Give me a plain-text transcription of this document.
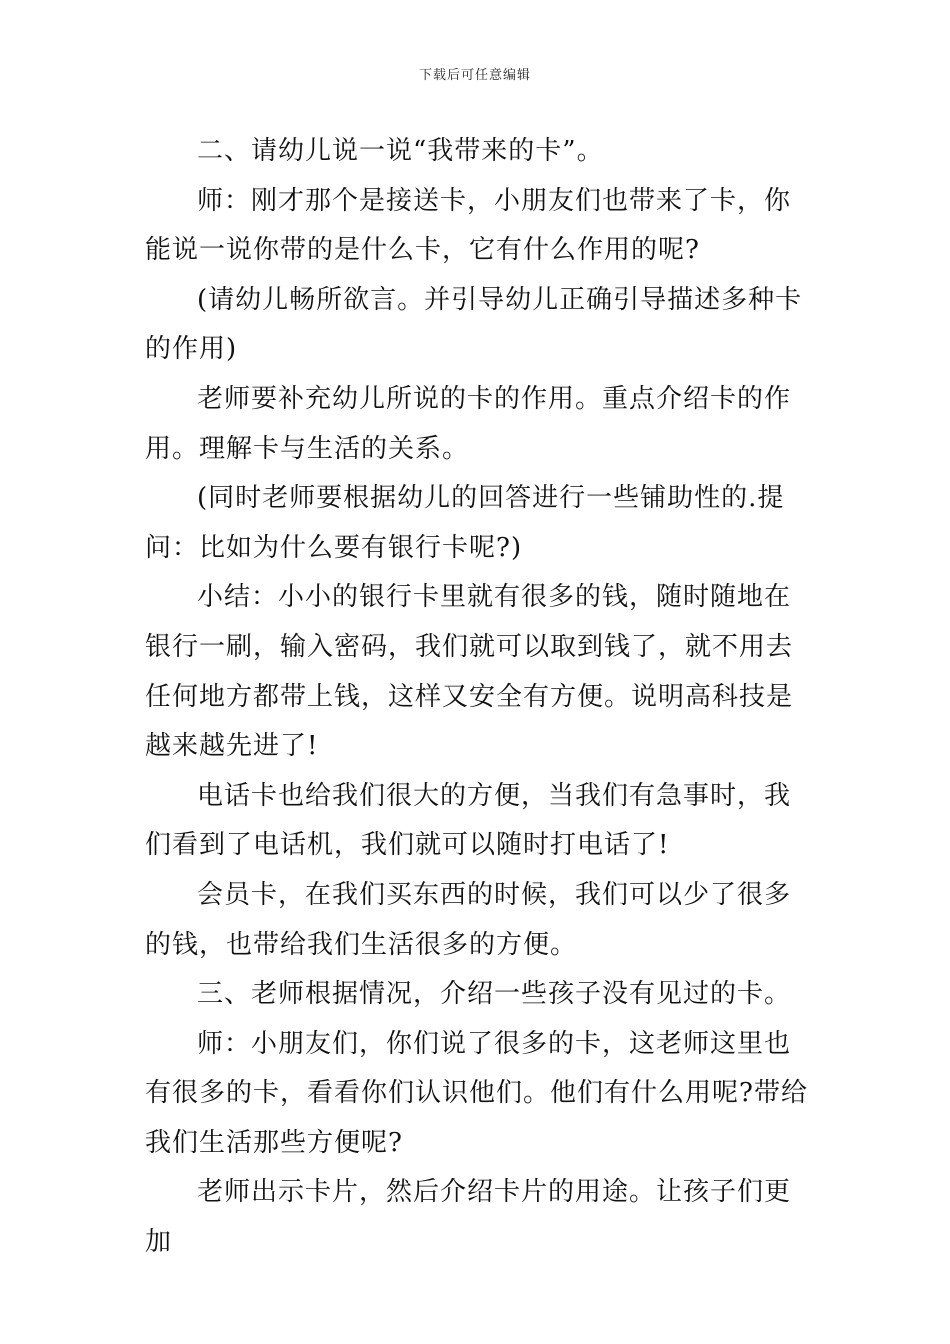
下载后可任意编辑

二、请幼儿说一说“我带来的卡”。

师：刚才那个是接送卡，小朋友们也带来了卡，你能说一说你带的是什么卡，它有什么作用的呢?

(请幼儿畅所欲言。并引导幼儿正确引导描述多种卡的作用)

老师要补充幼儿所说的卡的作用。重点介绍卡的作用。理解卡与生活的关系。

(同时老师要根据幼儿的回答进行一些铺助性的.提问：比如为什么要有银行卡呢?)

小结：小小的银行卡里就有很多的钱，随时随地在银行一刷，输入密码，我们就可以取到钱了，就不用去任何地方都带上钱，这样又安全有方便。说明高科技是越来越先进了!

电话卡也给我们很大的方便，当我们有急事时，我们看到了电话机，我们就可以随时打电话了!

会员卡，在我们买东西的时候，我们可以少了很多的钱，也带给我们生活很多的方便。

三、老师根据情况，介绍一些孩子没有见过的卡。

师：小朋友们，你们说了很多的卡，这老师这里也有很多的卡，看看你们认识他们。他们有什么用呢?带给我们生活那些方便呢?

老师出示卡片，然后介绍卡片的用途。让孩子们更加
